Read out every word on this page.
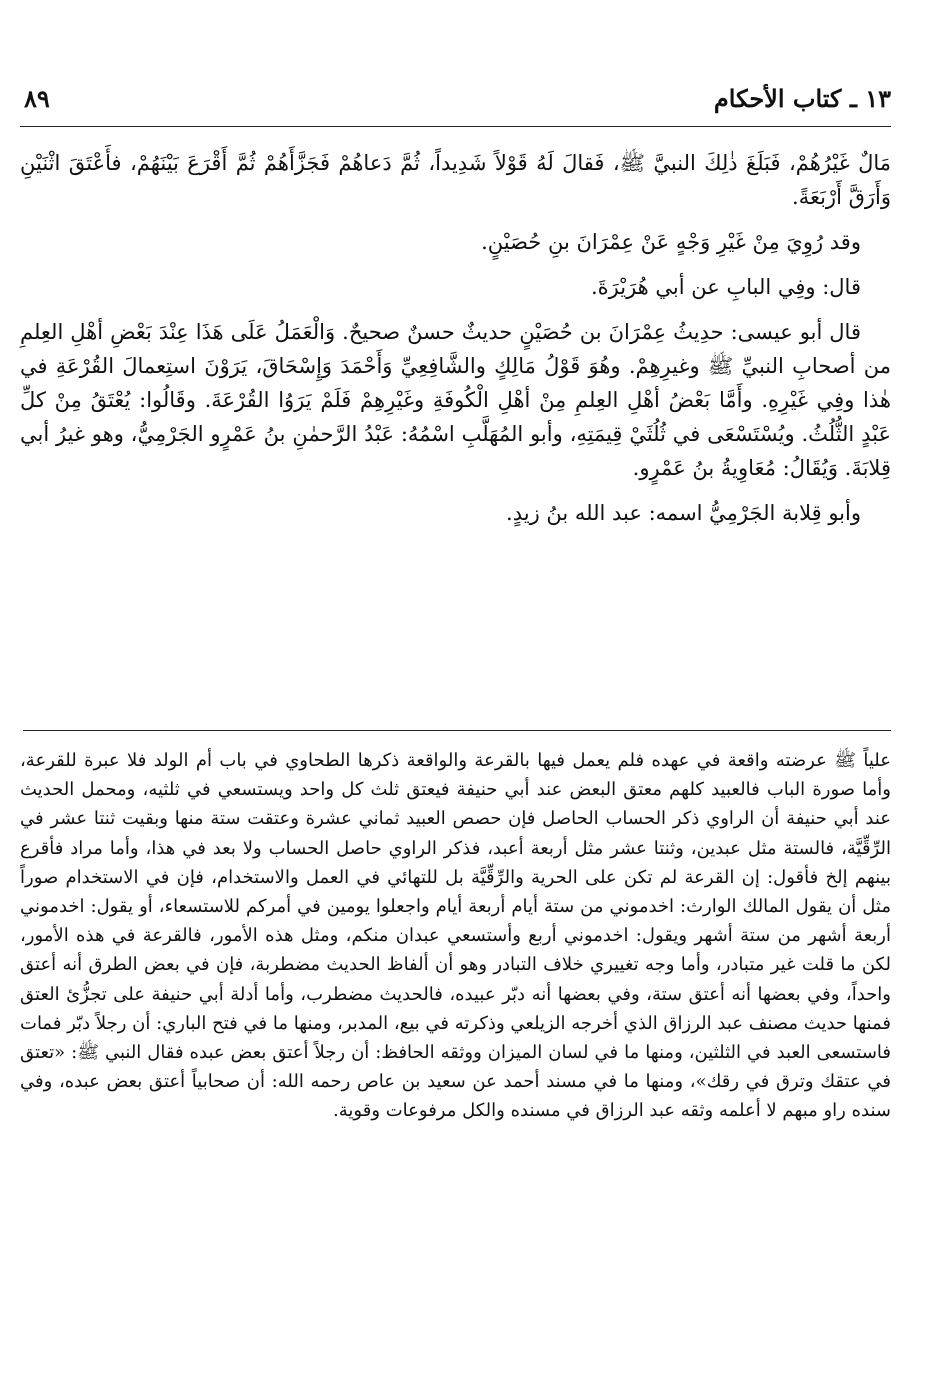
١٣ ـ كتاب الأحكام
٨٩

مَالٌ غَيْرُهُمْ، فَبَلَغَ ذٰلِكَ النبيَّ ﷺ، فَقالَ لَهُ قَوْلاً شَدِيداً، ثُمَّ دَعاهُمْ فَجَزَّأَهُمْ ثُمَّ أَقْرَعَ بَيْنَهُمْ، فأَعْتَقَ اثْنَيْنِ وَأَرَقَّ أَرْبَعَةً.

وقد رُوِيَ مِنْ غَيْرِ وَجْهٍ عَنْ عِمْرَانَ بنِ حُصَيْنٍ.

قال: وفِي البابِ عن أبي هُرَيْرَةَ.

قال أبو عيسى: حدِيثُ عِمْرَانَ بن حُصَيْنٍ حديثٌ حسنٌ صحيحٌ. وَالْعَمَلُ عَلَى هَذَا عِنْدَ بَعْضِ أهْلِ العِلمِ من أصحابِ النبيِّ ﷺ وغيرِهِمْ. وهُوَ قَوْلُ مَالِكٍ والشَّافِعِيِّ وَأَحْمَدَ وَإِسْحَاقَ، يَرَوْنَ استِعمالَ القُرْعَةِ في هٰذا وفِي غَيْرِهِ. وأَمَّا بَعْضُ أهْلِ العِلمِ مِنْ أهْلِ الْكُوفَةِ وغَيْرِهِمْ فَلَمْ يَرَوُا القُرْعَةَ. وقَالُوا: يُعْتَقُ مِنْ كلِّ عَبْدٍ الثُّلُثُ. ويُسْتَسْعَى في ثُلُثَيْ قِيمَتِهِ، وأبو المُهَلَّبِ اسْمُهُ: عَبْدُ الرَّحمٰنِ بنُ عَمْرٍو الجَرْمِيُّ، وهو غيرُ أبي قِلابَةَ. وَيُقَالُ: مُعَاوِيةُ بنُ عَمْرٍو.

وأبو قِلابة الجَرْمِيُّ اسمه: عبد الله بنُ زيدٍ.

علياً ﷺ عرضته واقعة في عهده فلم يعمل فيها بالقرعة والواقعة ذكرها الطحاوي في باب أم الولد فلا عبرة للقرعة، وأما صورة الباب فالعبيد كلهم معتق البعض عند أبي حنيفة فيعتق ثلث كل واحد ويستسعي في ثلثيه، ومحمل الحديث عند أبي حنيفة أن الراوي ذكر الحساب الحاصل فإن حصص العبيد ثماني عشرة وعتقت ستة منها وبقيت ثنتا عشر في الرِّقِّيَّة، فالستة مثل عبدين، وثنتا عشر مثل أربعة أعبد، فذكر الراوي حاصل الحساب ولا بعد في هذا، وأما مراد فأقرع بينهم إلخ فأقول: إن القرعة لم تكن على الحرية والرِّقِّيَّة بل للتهائي في العمل والاستخدام، فإن في الاستخدام صوراً مثل أن يقول المالك الوارث: اخدموني من ستة أيام أربعة أيام واجعلوا يومين في أمركم للاستسعاء، أو يقول: اخدموني أربعة أشهر من ستة أشهر ويقول: اخدموني أربع وأستسعي عبدان منكم، ومثل هذه الأمور، فالقرعة في هذه الأمور، لكن ما قلت غير متبادر، وأما وجه تغييري خلاف التبادر وهو أن ألفاظ الحديث مضطربة، فإن في بعض الطرق أنه أعتق واحداً، وفي بعضها أنه أعتق ستة، وفي بعضها أنه دبّر عبيده، فالحديث مضطرب، وأما أدلة أبي حنيفة على تجزُّئ العتق فمنها حديث مصنف عبد الرزاق الذي أخرجه الزيلعي وذكرته في بيع، المدبر، ومنها ما في فتح الباري: أن رجلاً دبّر فمات فاستسعى العبد في الثلثين، ومنها ما في لسان الميزان ووثقه الحافظ: أن رجلاً أعتق بعض عبده فقال النبي ﷺ: «تعتق في عتقك وترق في رقك»، ومنها ما في مسند أحمد عن سعيد بن عاص رحمه الله: أن صحابياً أعتق بعض عبده، وفي سنده راو مبهم لا أعلمه وثقه عبد الرزاق في مسنده والكل مرفوعات وقوية.
